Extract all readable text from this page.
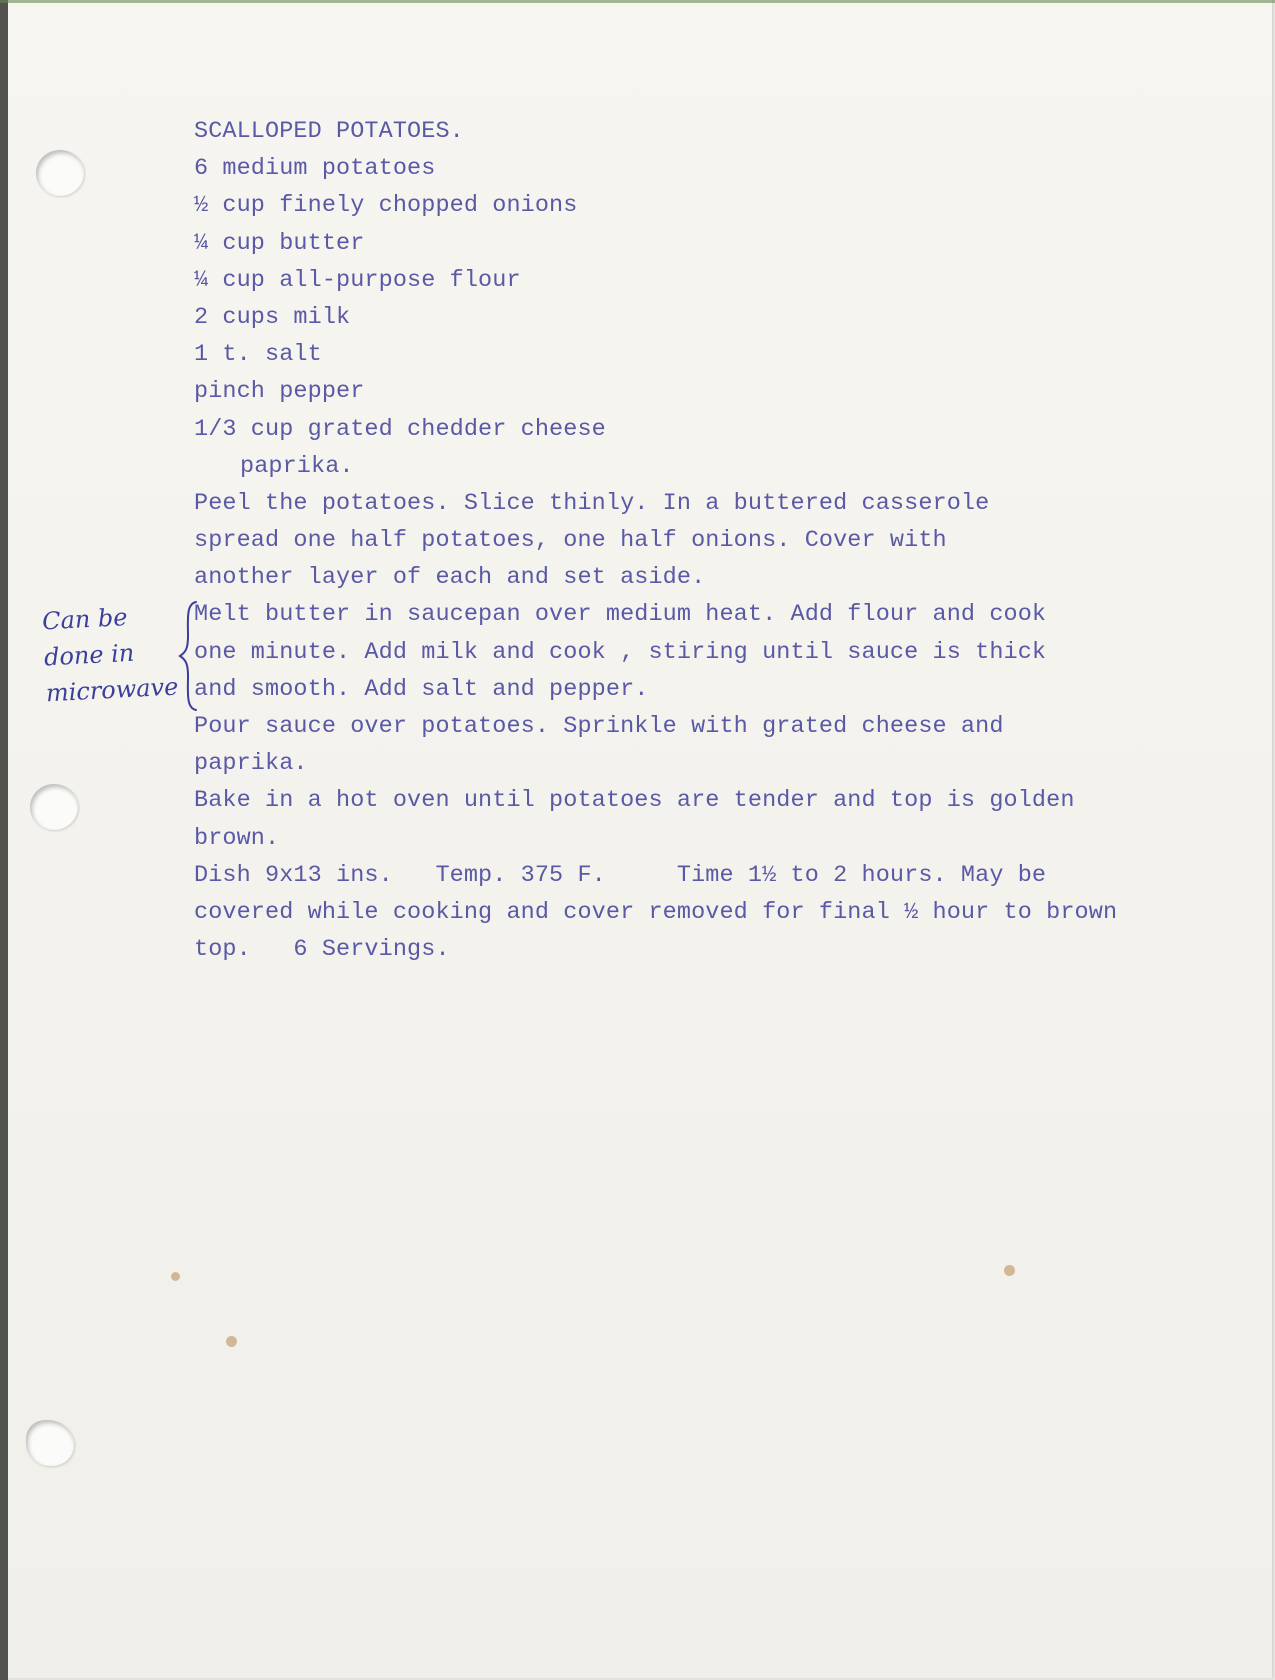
SCALLOPED POTATOES.
6 medium potatoes
½ cup finely chopped onions
¼ cup butter
¼ cup all-purpose flour
2 cups milk
1 t. salt
pinch pepper
1/3 cup grated chedder cheese
paprika.
Peel the potatoes. Slice thinly. In a buttered casserole
spread one half potatoes, one half onions. Cover with
another layer of each and set aside.
Melt butter in saucepan over medium heat. Add flour and cook
one minute. Add milk and cook , stiring until sauce is thick
and smooth. Add salt and pepper.
Pour sauce over potatoes. Sprinkle with grated cheese and
paprika.
Bake in a hot oven until potatoes are tender and top is golden
brown.
Dish 9x13 ins.   Temp. 375 F.     Time 1½ to 2 hours. May be
covered while cooking and cover removed for final ½ hour to brown
top.   6 Servings.
Can be
done in
microwave
